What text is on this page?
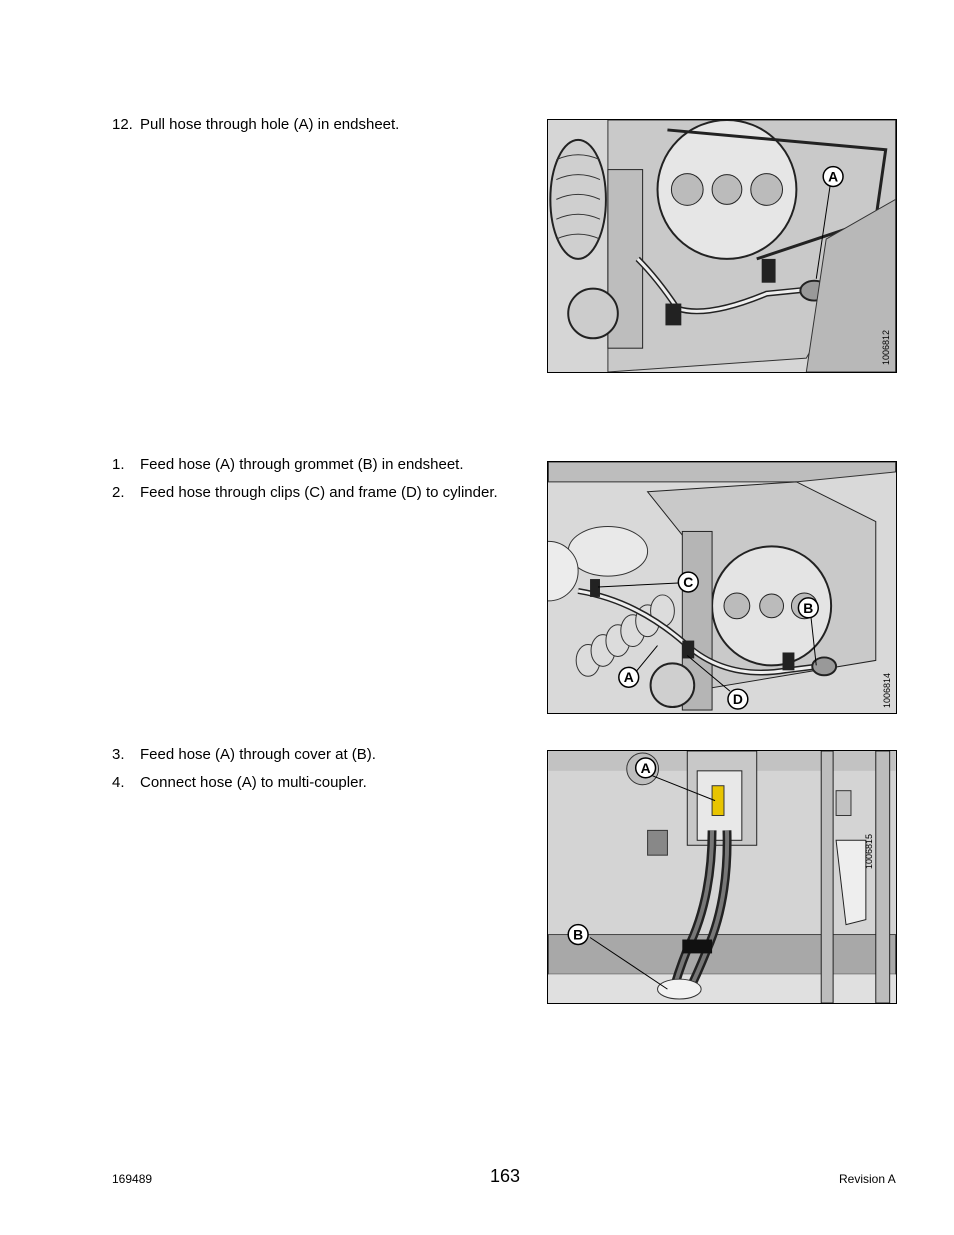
12. Pull hose through hole (A) in endsheet.
A
1006812
1. Feed hose (A) through grommet (B) in endsheet.
2. Feed hose through clips (C) and frame (D) to cylinder.
C
B
A
D	1006814
3. Feed hose (A) through cover at (B).
4. Connect hose (A) to multi-coupler.
A
B
1006815
169489	163	Revision A
